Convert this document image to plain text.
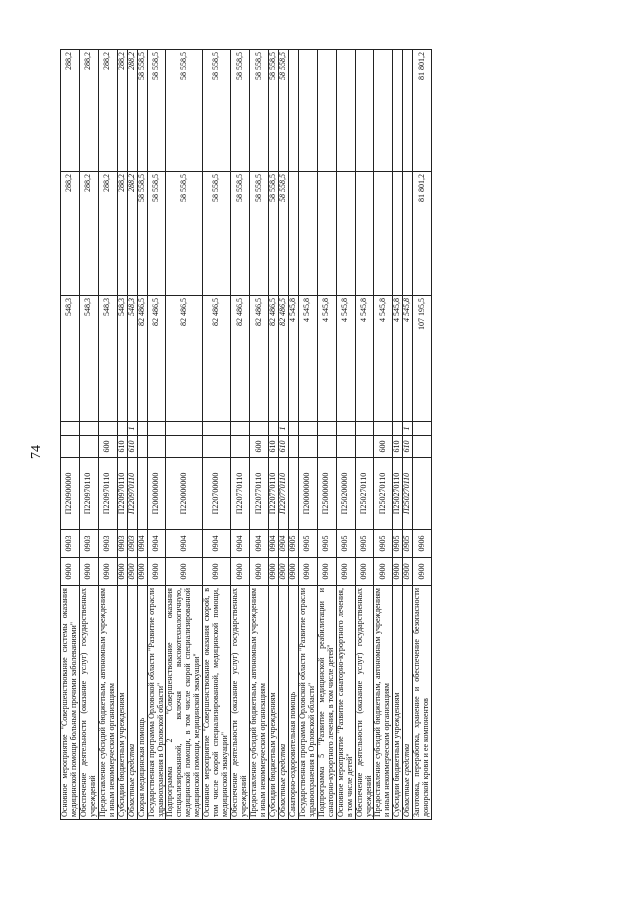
74
Основное мероприятие "Совершенствование системы оказания медицинской помощи больным прочими заболеваниями"	0900	0903	П220900000			548,3	288,2	288,2
Обеспечение деятельности (оказание услуг) государственных учреждений	0900	0903	П220970110			548,3	288,2	288,2
Предоставление субсидий бюджетным, автономным учреждениям и иным некоммерческим организациям	0900	0903	П220970110	600		548,3	288,2	288,2
Субсидии бюджетным учреждениям	0900	0903	П220970110	610		548,3	288,2	288,2
Областные средства	0900	0903	П220970110	610	1	548,3	288,2	288,2
Скорая медицинская помощь	0900	0904				82 486,5	58 558,5	58 558,5
Государственная программа Орловской области "Развитие отрасли здравоохранения в Орловской области"	0900	0904	П200000000			82 486,5	58 558,5	58 558,5
Подпрограмма 2 "Совершенствование оказания специализированной, включая высокотехнологичную, медицинской помощи, в том числе скорой специализированной медицинской помощи, медицинской эвакуации"	0900	0904	П220000000			82 486,5	58 558,5	58 558,5
Основное мероприятие "Совершенствование оказания скорой, в том числе скорой специализированной, медицинской помощи, медицинской эвакуации"	0900	0904	П220700000			82 486,5	58 558,5	58 558,5
Обеспечение деятельности (оказание услуг) государственных учреждений	0900	0904	П220770110			82 486,5	58 558,5	58 558,5
Предоставление субсидий бюджетным, автономным учреждениям и иным некоммерческим организациям	0900	0904	П220770110	600		82 486,5	58 558,5	58 558,5
Субсидии бюджетным учреждениям	0900	0904	П220770110	610		82 486,5	58 558,5	58 558,5
Областные средства	0900	0904	П220770110	610	1	82 486,5	58 558,5	58 558,5
Санаторно-оздоровительная помощь	0900	0905				4 545,8		
Государственная программа Орловской области "Развитие отрасли здравоохранения в Орловской области"	0900	0905	П200000000			4 545,8		
Подпрограмма 5 "Развитие медицинской реабилитации и санаторно-курортного лечения, в том числе детей"	0900	0905	П250000000			4 545,8		
Основное мероприятие "Развитие санаторно-курортного лечения, в том числе детей"	0900	0905	П250200000			4 545,8		
Обеспечение деятельности (оказание услуг) государственных учреждений	0900	0905	П250270110			4 545,8		
Предоставление субсидий бюджетным, автономным учреждениям и иным некоммерческим организациям	0900	0905	П250270110	600		4 545,8		
Субсидии бюджетным учреждениям	0900	0905	П250270110	610		4 545,8		
Областные средства	0900	0905	П250270110	610	1	4 545,8		
Заготовка, переработка, хранение и обеспечение безопасности донорской крови и ее компонентов	0900	0906				107 195,5	81 801,2	81 801,2
